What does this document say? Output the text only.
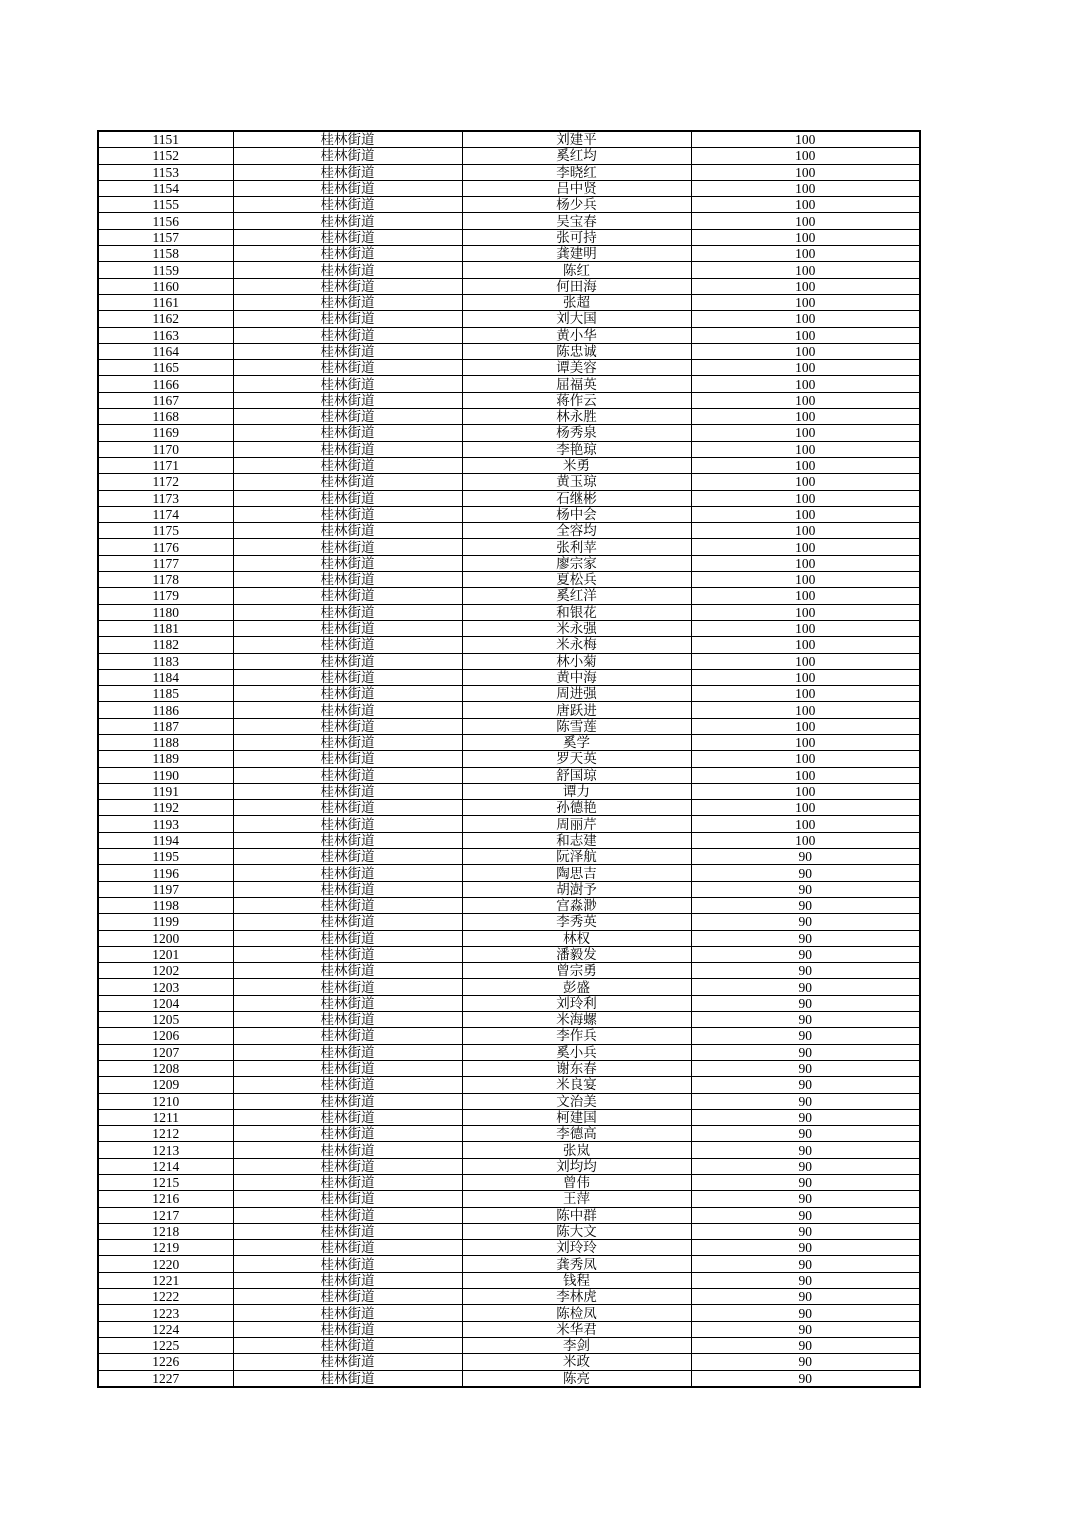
1151	桂林街道	刘建平	100
1152	桂林街道	奚红均	100
1153	桂林街道	李晓红	100
1154	桂林街道	吕中贤	100
1155	桂林街道	杨少兵	100
1156	桂林街道	吴宝春	100
1157	桂林街道	张可持	100
1158	桂林街道	龚建明	100
1159	桂林街道	陈红	100
1160	桂林街道	何田海	100
1161	桂林街道	张超	100
1162	桂林街道	刘大国	100
1163	桂林街道	黄小华	100
1164	桂林街道	陈忠诚	100
1165	桂林街道	谭美容	100
1166	桂林街道	屈福英	100
1167	桂林街道	蒋作云	100
1168	桂林街道	林永胜	100
1169	桂林街道	杨秀泉	100
1170	桂林街道	李艳琼	100
1171	桂林街道	米勇	100
1172	桂林街道	黄玉琼	100
1173	桂林街道	石继彬	100
1174	桂林街道	杨中会	100
1175	桂林街道	全容均	100
1176	桂林街道	张利苹	100
1177	桂林街道	廖宗家	100
1178	桂林街道	夏松兵	100
1179	桂林街道	奚红洋	100
1180	桂林街道	和银花	100
1181	桂林街道	米永强	100
1182	桂林街道	米永梅	100
1183	桂林街道	林小菊	100
1184	桂林街道	黄中海	100
1185	桂林街道	周进强	100
1186	桂林街道	唐跃进	100
1187	桂林街道	陈雪莲	100
1188	桂林街道	奚学	100
1189	桂林街道	罗天英	100
1190	桂林街道	舒国琼	100
1191	桂林街道	谭力	100
1192	桂林街道	孙德艳	100
1193	桂林街道	周丽芹	100
1194	桂林街道	和志建	100
1195	桂林街道	阮泽航	90
1196	桂林街道	陶思吉	90
1197	桂林街道	胡澍予	90
1198	桂林街道	宫淼渺	90
1199	桂林街道	李秀英	90
1200	桂林街道	林权	90
1201	桂林街道	潘毅发	90
1202	桂林街道	曾宗勇	90
1203	桂林街道	彭盛	90
1204	桂林街道	刘玲利	90
1205	桂林街道	米海螺	90
1206	桂林街道	李作兵	90
1207	桂林街道	奚小兵	90
1208	桂林街道	谢东春	90
1209	桂林街道	米良宴	90
1210	桂林街道	文治美	90
1211	桂林街道	柯建国	90
1212	桂林街道	李德高	90
1213	桂林街道	张岚	90
1214	桂林街道	刘均均	90
1215	桂林街道	曾伟	90
1216	桂林街道	王萍	90
1217	桂林街道	陈中群	90
1218	桂林街道	陈大文	90
1219	桂林街道	刘玲玲	90
1220	桂林街道	龚秀凤	90
1221	桂林街道	钱程	90
1222	桂林街道	李林虎	90
1223	桂林街道	陈检凤	90
1224	桂林街道	米华君	90
1225	桂林街道	李剑	90
1226	桂林街道	米政	90
1227	桂林街道	陈亮	90
